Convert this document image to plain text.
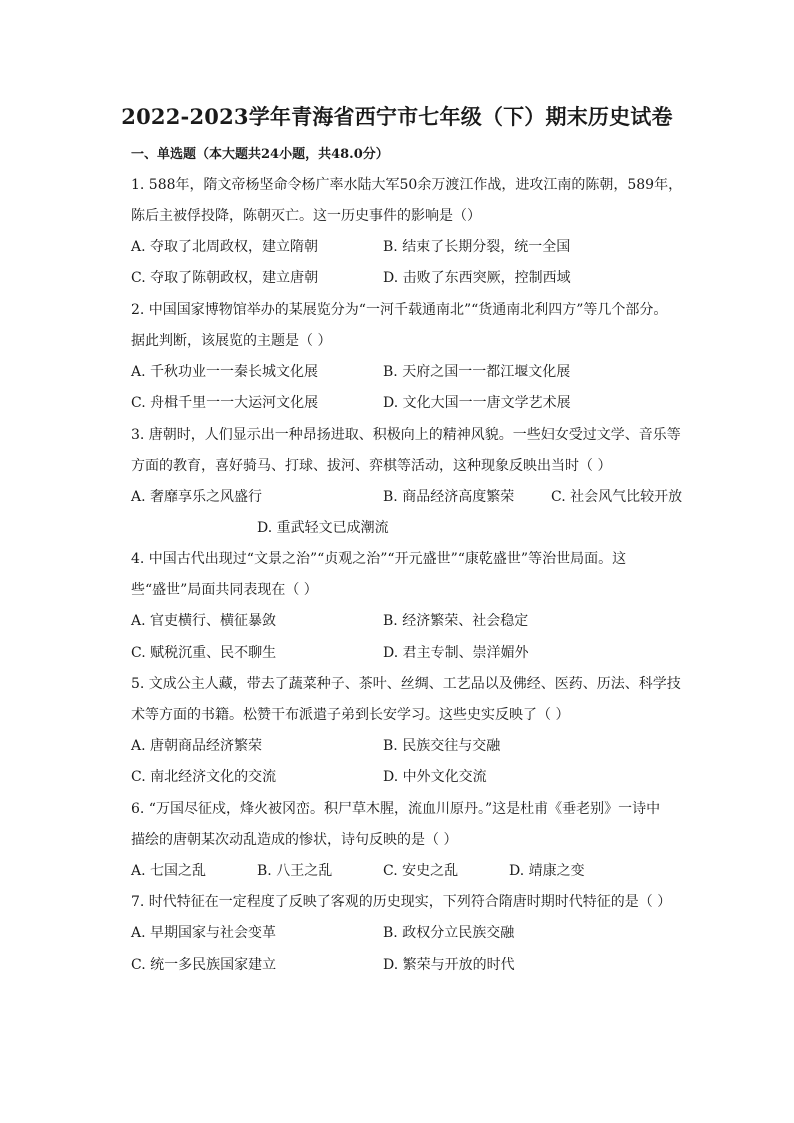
2022-2023学年青海省西宁市七年级（下）期末历史试卷
一、单选题（本大题共24小题，共48.0分）
1. 588年，隋文帝杨坚命令杨广率水陆大军50余万渡江作战，进攻江南的陈朝，589年，
陈后主被俘投降，陈朝灭亡。这一历史事件的影响是（）
A. 夺取了北周政权，建立隋朝	B. 结束了长期分裂，统一全国
C. 夺取了陈朝政权，建立唐朝	D. 击败了东西突厥，控制西域
2. 中国国家博物馆举办的某展览分为“一河千载通南北”“货通南北利四方”等几个部分。
据此判断，该展览的主题是（ ）
A. 千秋功业一一秦长城文化展	B. 天府之国一一都江堰文化展
C. 舟楫千里一一大运河文化展	D. 文化大国一一唐文学艺术展
3. 唐朝时，人们显示出一种昂扬进取、积极向上的精神风貌。一些妇女受过文学、音乐等
方面的教育，喜好骑马、打球、拔河、弈棋等活动，这种现象反映出当时（ ）
A. 奢靡享乐之风盛行	B. 商品经济高度繁荣	C. 社会风气比较开放
D. 重武轻文已成潮流
4. 中国古代出现过“文景之治”“贞观之治”“开元盛世”“康乾盛世”等治世局面。这
些“盛世”局面共同表现在（ ）
A. 官吏横行、横征暴敛	B. 经济繁荣、社会稳定
C. 赋税沉重、民不聊生	D. 君主专制、崇洋媚外
5. 文成公主人藏，带去了蔬菜种子、茶叶、丝绸、工艺品以及佛经、医药、历法、科学技
术等方面的书籍。松赞干布派遣子弟到长安学习。这些史实反映了（ ）
A. 唐朝商品经济繁荣	B. 民族交往与交融
C. 南北经济文化的交流	D. 中外文化交流
6. “万国尽征戍，烽火被冈峦。积尸草木腥，流血川原丹。”这是杜甫《垂老别》一诗中
描绘的唐朝某次动乱造成的惨状，诗句反映的是（ ）
A. 七国之乱	B. 八王之乱	C. 安史之乱	D. 靖康之变
7. 时代特征在一定程度了反映了客观的历史现实，下列符合隋唐时期时代特征的是（ ）
A. 早期国家与社会变革	B. 政权分立民族交融
C. 统一多民族国家建立	D. 繁荣与开放的时代
